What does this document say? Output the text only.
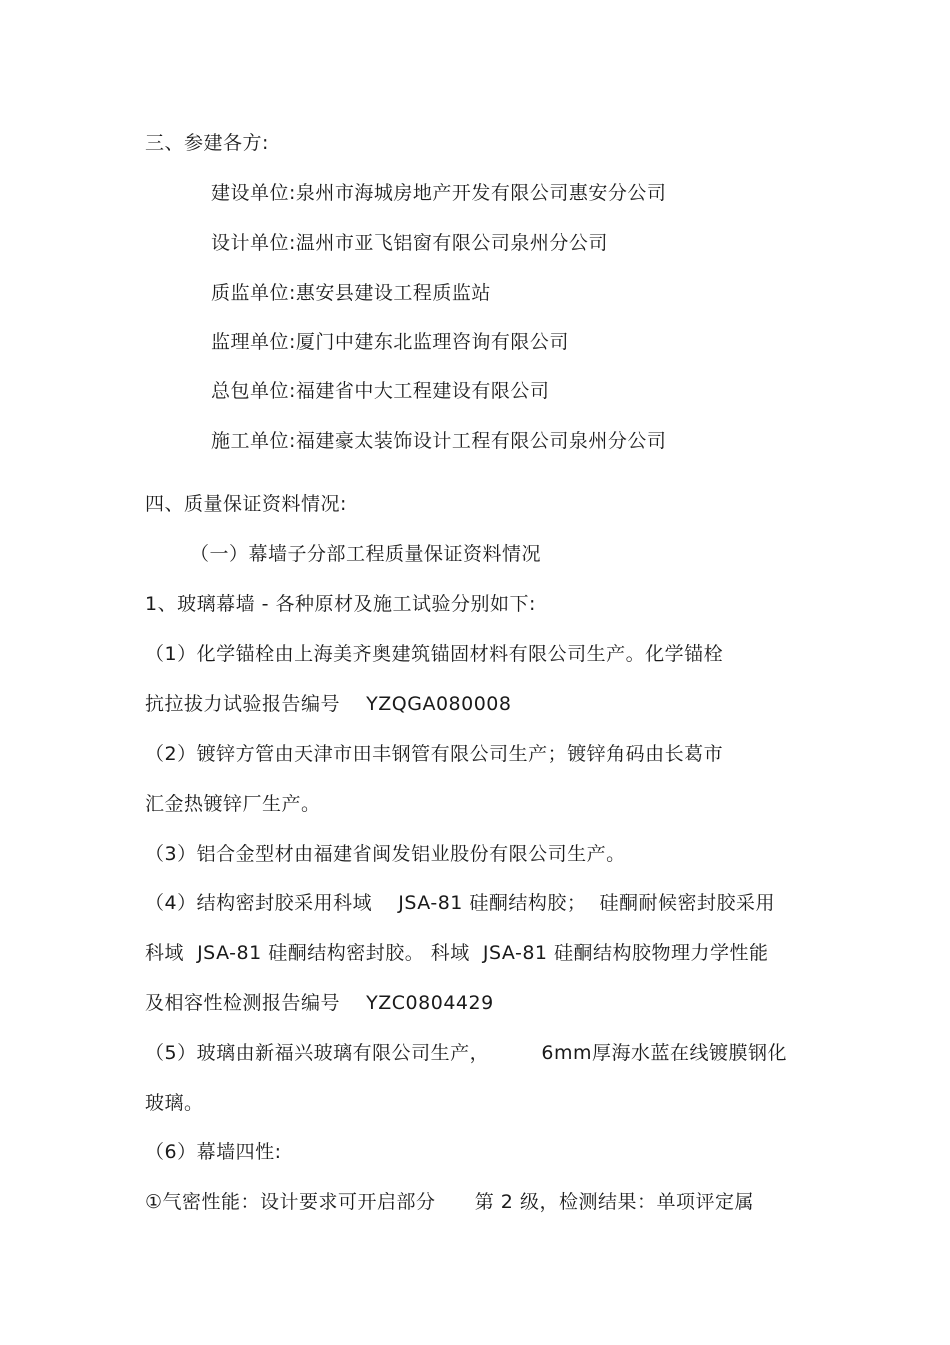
三、参建各方:
建设单位:泉州市海城房地产开发有限公司惠安分公司
设计单位:温州市亚飞铝窗有限公司泉州分公司
质监单位:惠安县建设工程质监站
监理单位:厦门中建东北监理咨询有限公司
总包单位:福建省中大工程建设有限公司
施工单位:福建豪太装饰设计工程有限公司泉州分公司
四、质量保证资料情况:
（一）幕墙子分部工程质量保证资料情况
1、玻璃幕墙 - 各种原材及施工试验分别如下:
（1）化学锚栓由上海美齐奥建筑锚固材料有限公司生产。化学锚栓
抗拉拔力试验报告编号    YZQGA080008
（2）镀锌方管由天津市田丰钢管有限公司生产；镀锌角码由长葛市
汇金热镀锌厂生产。
（3）铝合金型材由福建省闽发铝业股份有限公司生产。
（4）结构密封胶采用科域    JSA-81 硅酮结构胶；  硅酮耐候密封胶采用
科域  JSA-81 硅酮结构密封胶。 科域  JSA-81 硅酮结构胶物理力学性能
及相容性检测报告编号    YZC0804429
（5）玻璃由新福兴玻璃有限公司生产，        6mm厚海水蓝在线镀膜钢化
玻璃。
（6）幕墙四性:
①气密性能：设计要求可开启部分      第 2 级，检测结果：单项评定属
